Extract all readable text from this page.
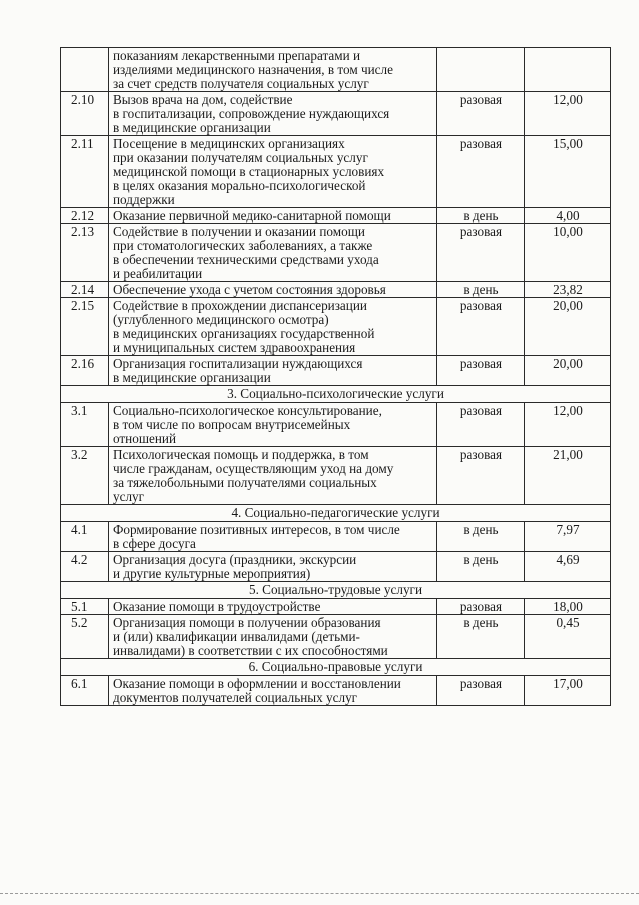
	показаниям лекарственными препаратами и
изделиями медицинского назначения, в том числе
за счет средств получателя социальных услуг		

2.10	Вызов врача на дом, содействие
в госпитализации, сопровождение нуждающихся
в медицинские организации	разовая	12,00
2.11	Посещение в медицинских организациях
при оказании получателям социальных услуг
медицинской помощи в стационарных условиях
в целях оказания морально-психологической
поддержки	разовая	15,00
2.12	Оказание первичной медико-санитарной помощи	в день	4,00
2.13	Содействие в получении и оказании помощи
при стоматологических заболеваниях, а также
в обеспечении техническими средствами ухода
и реабилитации	разовая	10,00
2.14	Обеспечение ухода с учетом состояния здоровья	в день	23,82
2.15	Содействие в прохождении диспансеризации
(углубленного медицинского осмотра)
в медицинских организациях государственной
и муниципальных систем здравоохранения	разовая	20,00
2.16	Организация госпитализации нуждающихся
в медицинские организации	разовая	20,00
3. Социально-психологические услуги			
3.1	Социально-психологическое консультирование,
в том числе по вопросам внутрисемейных
отношений	разовая	12,00
3.2	Психологическая помощь и поддержка, в том
числе гражданам, осуществляющим уход на дому
за тяжелобольными получателями социальных
услуг	разовая	21,00
4. Социально-педагогические услуги			
4.1	Формирование позитивных интересов, в том числе
в сфере досуга	в день	7,97
4.2	Организация досуга (праздники, экскурсии
и другие культурные мероприятия)	в день	4,69
5. Социально-трудовые услуги			
5.1	Оказание помощи в трудоустройстве	разовая	18,00
5.2	Организация помощи в получении образования
и (или) квалификации инвалидами (детьми-
инвалидами) в соответствии с их способностями	в день	0,45
6. Социально-правовые услуги			
6.1	Оказание помощи в оформлении и восстановлении
документов получателей социальных услуг	разовая	17,00
